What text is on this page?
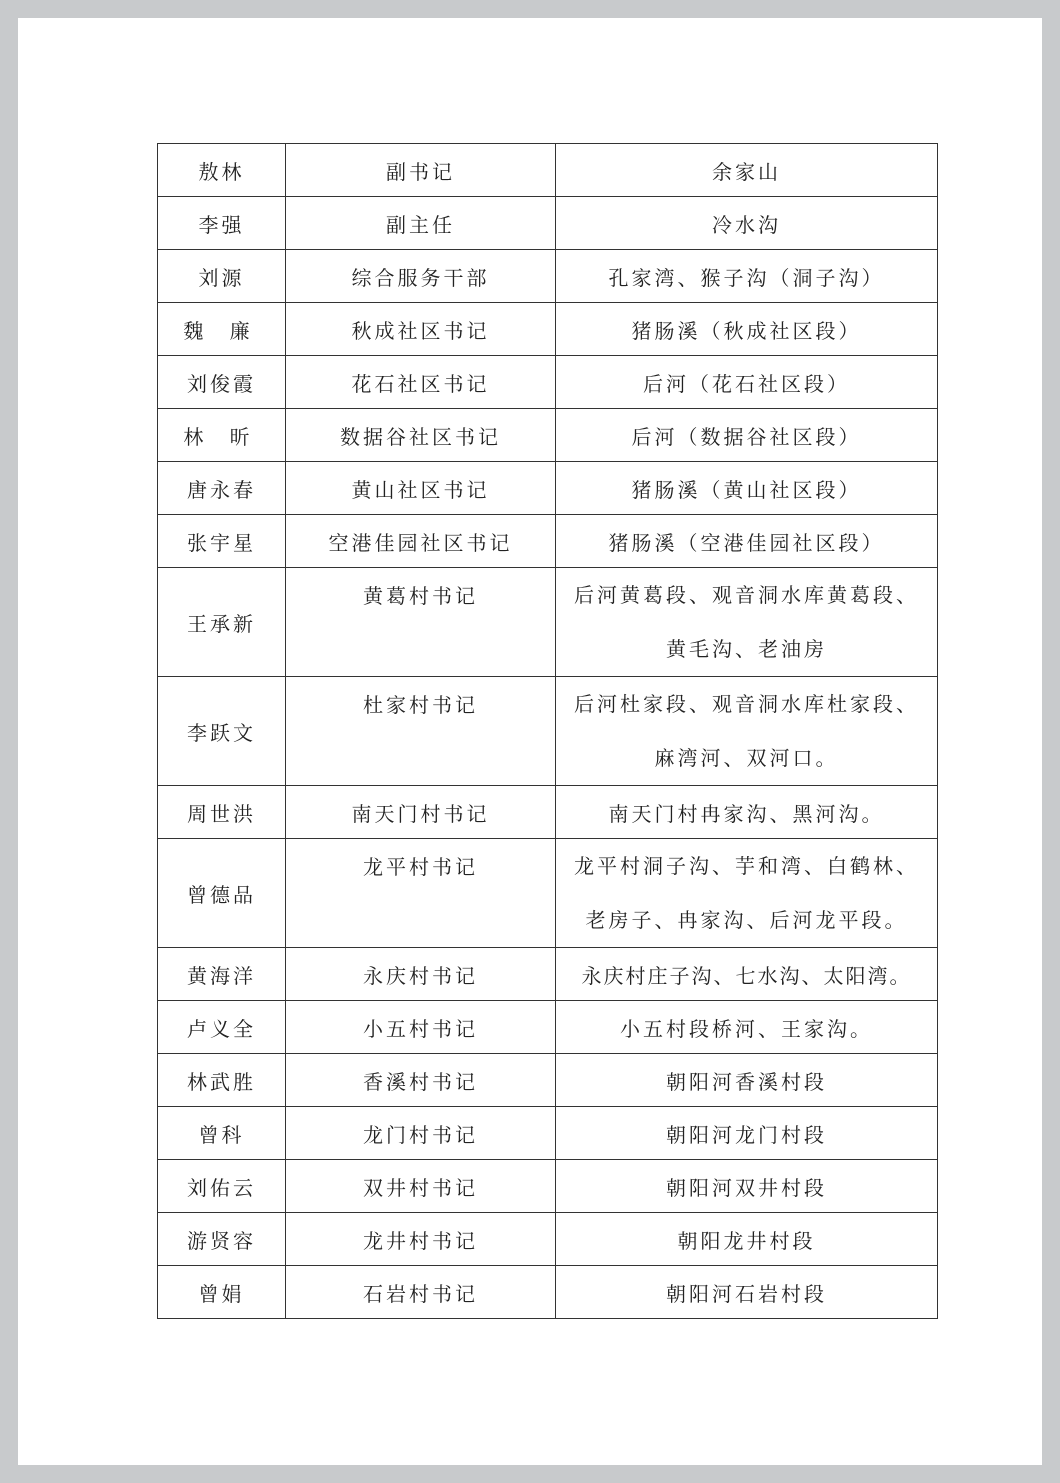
敖林	副书记	余家山
李强	副主任	冷水沟
刘源	综合服务干部	孔家湾、猴子沟（洞子沟）
魏 廉	秋成社区书记	猪肠溪（秋成社区段）
刘俊霞	花石社区书记	后河（花石社区段）
林 昕	数据谷社区书记	后河（数据谷社区段）
唐永春	黄山社区书记	猪肠溪（黄山社区段）
张宇星	空港佳园社区书记	猪肠溪（空港佳园社区段）
王承新	黄葛村书记	后河黄葛段、观音洞水库黄葛段、
黄毛沟、老油房

李跃文	杜家村书记	后河杜家段、观音洞水库杜家段、
麻湾河、双河口。

周世洪	南天门村书记	南天门村冉家沟、黑河沟。
曾德品	龙平村书记	龙平村洞子沟、芋和湾、白鹤林、
老房子、冉家沟、后河龙平段。

黄海洋	永庆村书记	永庆村庄子沟、七水沟、太阳湾。
卢义全	小五村书记	小五村段桥河、王家沟。
林武胜	香溪村书记	朝阳河香溪村段
曾科	龙门村书记	朝阳河龙门村段
刘佑云	双井村书记	朝阳河双井村段
游贤容	龙井村书记	朝阳龙井村段
曾娟	石岩村书记	朝阳河石岩村段
